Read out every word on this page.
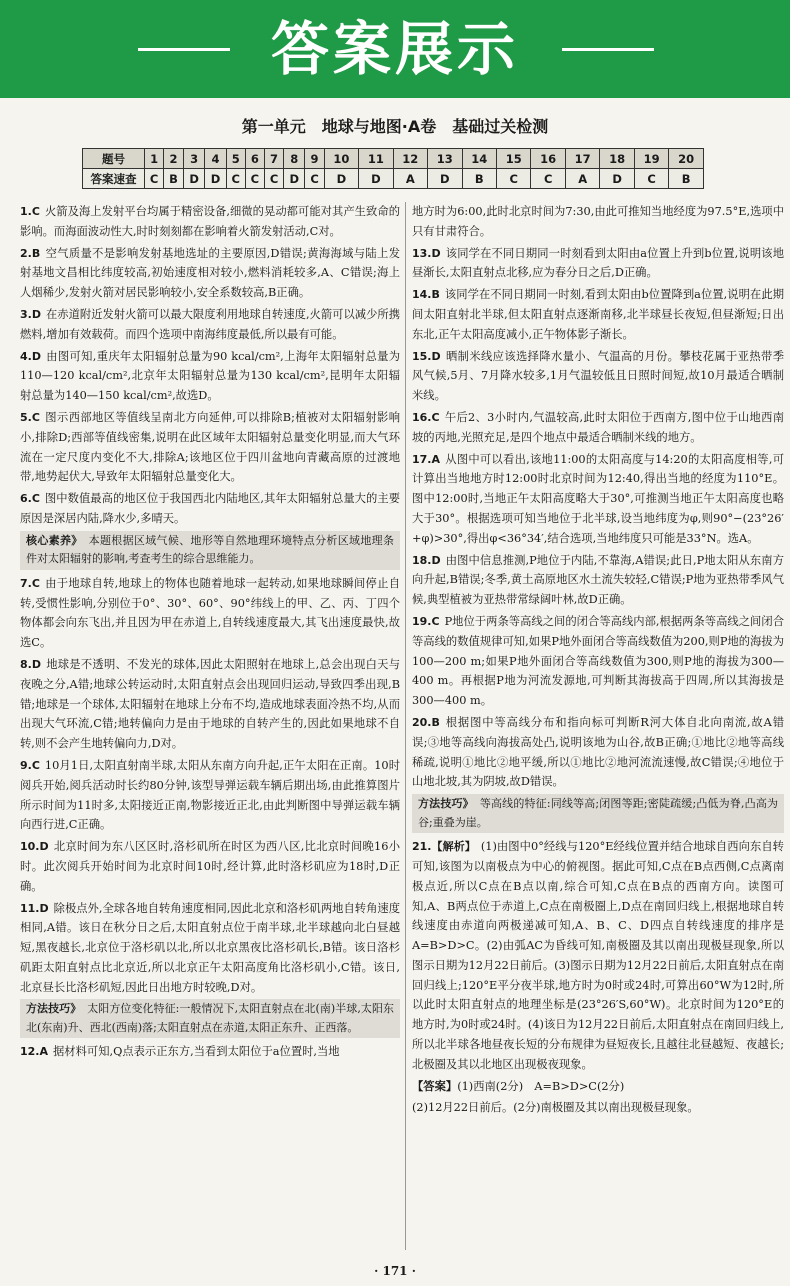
答案展示
第一单元　地球与地图·A卷　基础过关检测
题号	1	2	3	4	5	6	7	8	9	10	11	12	13	14	15	16	17	18	19	20
答案速查	C	B	D	D	C	C	C	D	C	D	D	A	D	B	C	C	A	D	C	B
1.C 火箭及海上发射平台均属于精密设备,细微的晃动都可能对其产生致命的影响。而海面波动性大,时时刻刻都在影响着火箭发射活动,C对。
2.B 空气质量不是影响发射基地选址的主要原因,D错误;黄海海域与陆上发射基地文昌相比纬度较高,初始速度相对较小,燃料消耗较多,A、C错误;海上人烟稀少,发射火箭对居民影响较小,安全系数较高,B正确。
3.D 在赤道附近发射火箭可以最大限度利用地球自转速度,火箭可以减少所携燃料,增加有效载荷。而四个选项中南海纬度最低,所以最有可能。
4.D 由图可知,重庆年太阳辐射总量为90 kcal/cm²,上海年太阳辐射总量为110—120 kcal/cm²,北京年太阳辐射总量为130 kcal/cm²,昆明年太阳辐射总量为140—150 kcal/cm²,故选D。
5.C 图示西部地区等值线呈南北方向延伸,可以排除B;植被对太阳辐射影响小,排除D;西部等值线密集,说明在此区域年太阳辐射总量变化明显,而大气环流在一定尺度内变化不大,排除A;该地区位于四川盆地向青藏高原的过渡地带,地势起伏大,导致年太阳辐射总量变化大。
6.C 图中数值最高的地区位于我国西北内陆地区,其年太阳辐射总量大的主要原因是深居内陆,降水少,多晴天。
核心素养》 本题根据区域气候、地形等自然地理环境特点分析区域地理条件对太阳辐射的影响,考查考生的综合思维能力。
7.C 由于地球自转,地球上的物体也随着地球一起转动,如果地球瞬间停止自转,受惯性影响,分别位于0°、30°、60°、90°纬线上的甲、乙、丙、丁四个物体都会向东飞出,并且因为甲在赤道上,自转线速度最大,其飞出速度最快,故选C。
8.D 地球是不透明、不发光的球体,因此太阳照射在地球上,总会出现白天与夜晚之分,A错;地球公转运动时,太阳直射点会出现回归运动,导致四季出现,B错;地球是一个球体,太阳辐射在地球上分布不均,造成地球表面冷热不均,从而出现大气环流,C错;地转偏向力是由于地球的自转产生的,因此如果地球不自转,则不会产生地转偏向力,D对。
9.C 10月1日,太阳直射南半球,太阳从东南方向升起,正午太阳在正南。10时阅兵开始,阅兵活动时长约80分钟,该型导弹运载车辆后期出场,由此推算图片所示时间为11时多,太阳接近正南,物影接近正北,由此判断图中导弹运载车辆向西行进,C正确。
10.D 北京时间为东八区区时,洛杉矶所在时区为西八区,比北京时间晚16小时。此次阅兵开始时间为北京时间10时,经计算,此时洛杉矶应为18时,D正确。
11.D 除极点外,全球各地自转角速度相同,因此北京和洛杉矶两地自转角速度相同,A错。该日在秋分日之后,太阳直射点位于南半球,北半球越向北白昼越短,黑夜越长,北京位于洛杉矶以北,所以北京黑夜比洛杉矶长,B错。该日洛杉矶距太阳直射点比北京近,所以北京正午太阳高度角比洛杉矶小,C错。该日,北京昼长比洛杉矶短,因此日出地方时较晚,D对。
方法技巧》 太阳方位变化特征:一般情况下,太阳直射点在北(南)半球,太阳东北(东南)升、西北(西南)落;太阳直射点在赤道,太阳正东升、正西落。
12.A 据材料可知,Q点表示正东方,当看到太阳位于a位置时,当地
地方时为6:00,此时北京时间为7:30,由此可推知当地经度为97.5°E,选项中只有甘肃符合。
13.D 该同学在不同日期同一时刻看到太阳由a位置上升到b位置,说明该地昼渐长,太阳直射点北移,应为春分日之后,D正确。
14.B 该同学在不同日期同一时刻,看到太阳由b位置降到a位置,说明在此期间太阳直射北半球,但太阳直射点逐渐南移,北半球昼长夜短,但昼渐短;日出东北,正午太阳高度减小,正午物体影子渐长。
15.D 晒制米线应该选择降水量小、气温高的月份。攀枝花属于亚热带季风气候,5月、7月降水较多,1月气温较低且日照时间短,故10月最适合晒制米线。
16.C 午后2、3小时内,气温较高,此时太阳位于西南方,图中位于山地西南坡的丙地,光照充足,是四个地点中最适合晒制米线的地方。
17.A 从图中可以看出,该地11:00的太阳高度与14:20的太阳高度相等,可计算出当地地方时12:00时北京时间为12:40,得出当地的经度为110°E。图中12:00时,当地正午太阳高度略大于30°,可推测当地正午太阳高度也略大于30°。根据选项可知当地位于北半球,设当地纬度为φ,则90°−(23°26′+φ)>30°,得出φ<36°34′,结合选项,当地纬度只可能是33°N。选A。
18.D 由图中信息推测,P地位于内陆,不靠海,A错误;此日,P地太阳从东南方向升起,B错误;冬季,黄土高原地区水土流失较轻,C错误;P地为亚热带季风气候,典型植被为亚热带常绿阔叶林,故D正确。
19.C P地位于两条等高线之间的闭合等高线内部,根据两条等高线之间闭合等高线的数值规律可知,如果P地外面闭合等高线数值为200,则P地的海拔为100—200 m;如果P地外面闭合等高线数值为300,则P地的海拔为300—400 m。再根据P地为河流发源地,可判断其海拔高于四周,所以其海拔是300—400 m。
20.B 根据图中等高线分布和指向标可判断R河大体自北向南流,故A错误;③地等高线向海拔高处凸,说明该地为山谷,故B正确;①地比②地等高线稀疏,说明①地比②地平缓,所以①地比②地河流流速慢,故C错误;④地位于山地北坡,其为阴坡,故D错误。
方法技巧》 等高线的特征:同线等高;闭图等距;密陡疏缓;凸低为脊,凸高为谷;重叠为崖。
21.【解析】 (1)由图中0°经线与120°E经线位置并结合地球自西向东自转可知,该图为以南极点为中心的俯视图。据此可知,C点在B点西侧,C点离南极点近,所以C点在B点以南,综合可知,C点在B点的西南方向。读图可知,A、B两点位于赤道上,C点在南极圈上,D点在南回归线上,根据地球自转线速度由赤道向两极递减可知,A、B、C、D四点自转线速度的排序是A=B>D>C。(2)由弧AC为昏线可知,南极圈及其以南出现极昼现象,所以图示日期为12月22日前后。(3)图示日期为12月22日前后,太阳直射点在南回归线上;120°E平分夜半球,地方时为0时或24时,可算出60°W为12时,所以此时太阳直射点的地理坐标是(23°26′S,60°W)。北京时间为120°E的地方时,为0时或24时。(4)该日为12月22日前后,太阳直射点在南回归线上,所以北半球各地昼夜长短的分布规律为昼短夜长,且越往北昼越短、夜越长;北极圈及其以北地区出现极夜现象。
【答案】(1)西南(2分)　A=B>D>C(2分)
(2)12月22日前后。(2分)南极圈及其以南出现极昼现象。
· 171 ·
